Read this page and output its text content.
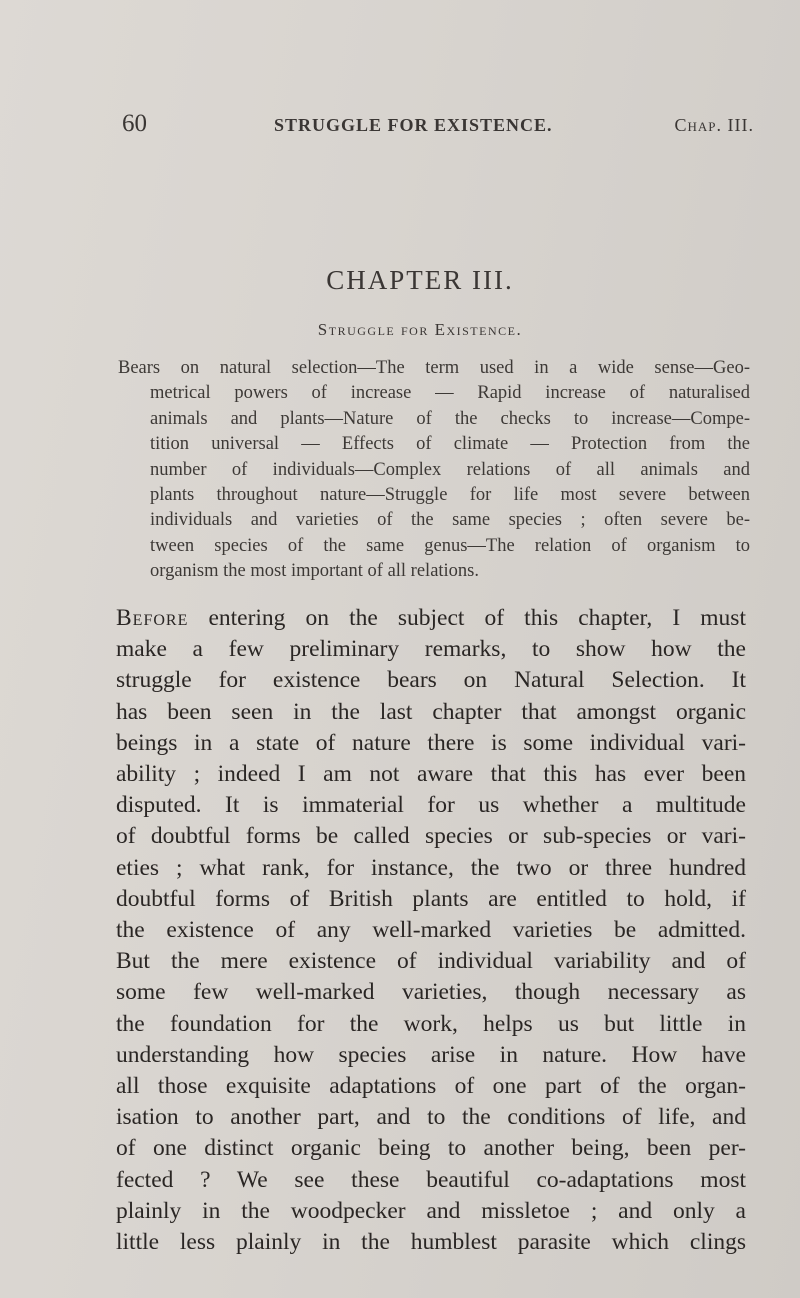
60	STRUGGLE FOR EXISTENCE.	Chap. III.
CHAPTER III.
Struggle for Existence.
Bears on natural selection—The term used in a wide sense—Geo-
metrical powers of increase — Rapid increase of naturalised
animals and plants—Nature of the checks to increase—Compe-
tition universal — Effects of climate — Protection from the
number of individuals—Complex relations of all animals and
plants throughout nature—Struggle for life most severe between
individuals and varieties of the same species ; often severe be-
tween species of the same genus—The relation of organism to
organism the most important of all relations.
Before entering on the subject of this chapter, I must
make a few preliminary remarks, to show how the
struggle for existence bears on Natural Selection. It
has been seen in the last chapter that amongst organic
beings in a state of nature there is some individual vari-
ability ; indeed I am not aware that this has ever been
disputed. It is immaterial for us whether a multitude
of doubtful forms be called species or sub-species or vari-
eties ; what rank, for instance, the two or three hundred
doubtful forms of British plants are entitled to hold, if
the existence of any well-marked varieties be admitted.
But the mere existence of individual variability and of
some few well-marked varieties, though necessary as
the foundation for the work, helps us but little in
understanding how species arise in nature. How have
all those exquisite adaptations of one part of the organ-
isation to another part, and to the conditions of life, and
of one distinct organic being to another being, been per-
fected ? We see these beautiful co-adaptations most
plainly in the woodpecker and missletoe ; and only a
little less plainly in the humblest parasite which clings
